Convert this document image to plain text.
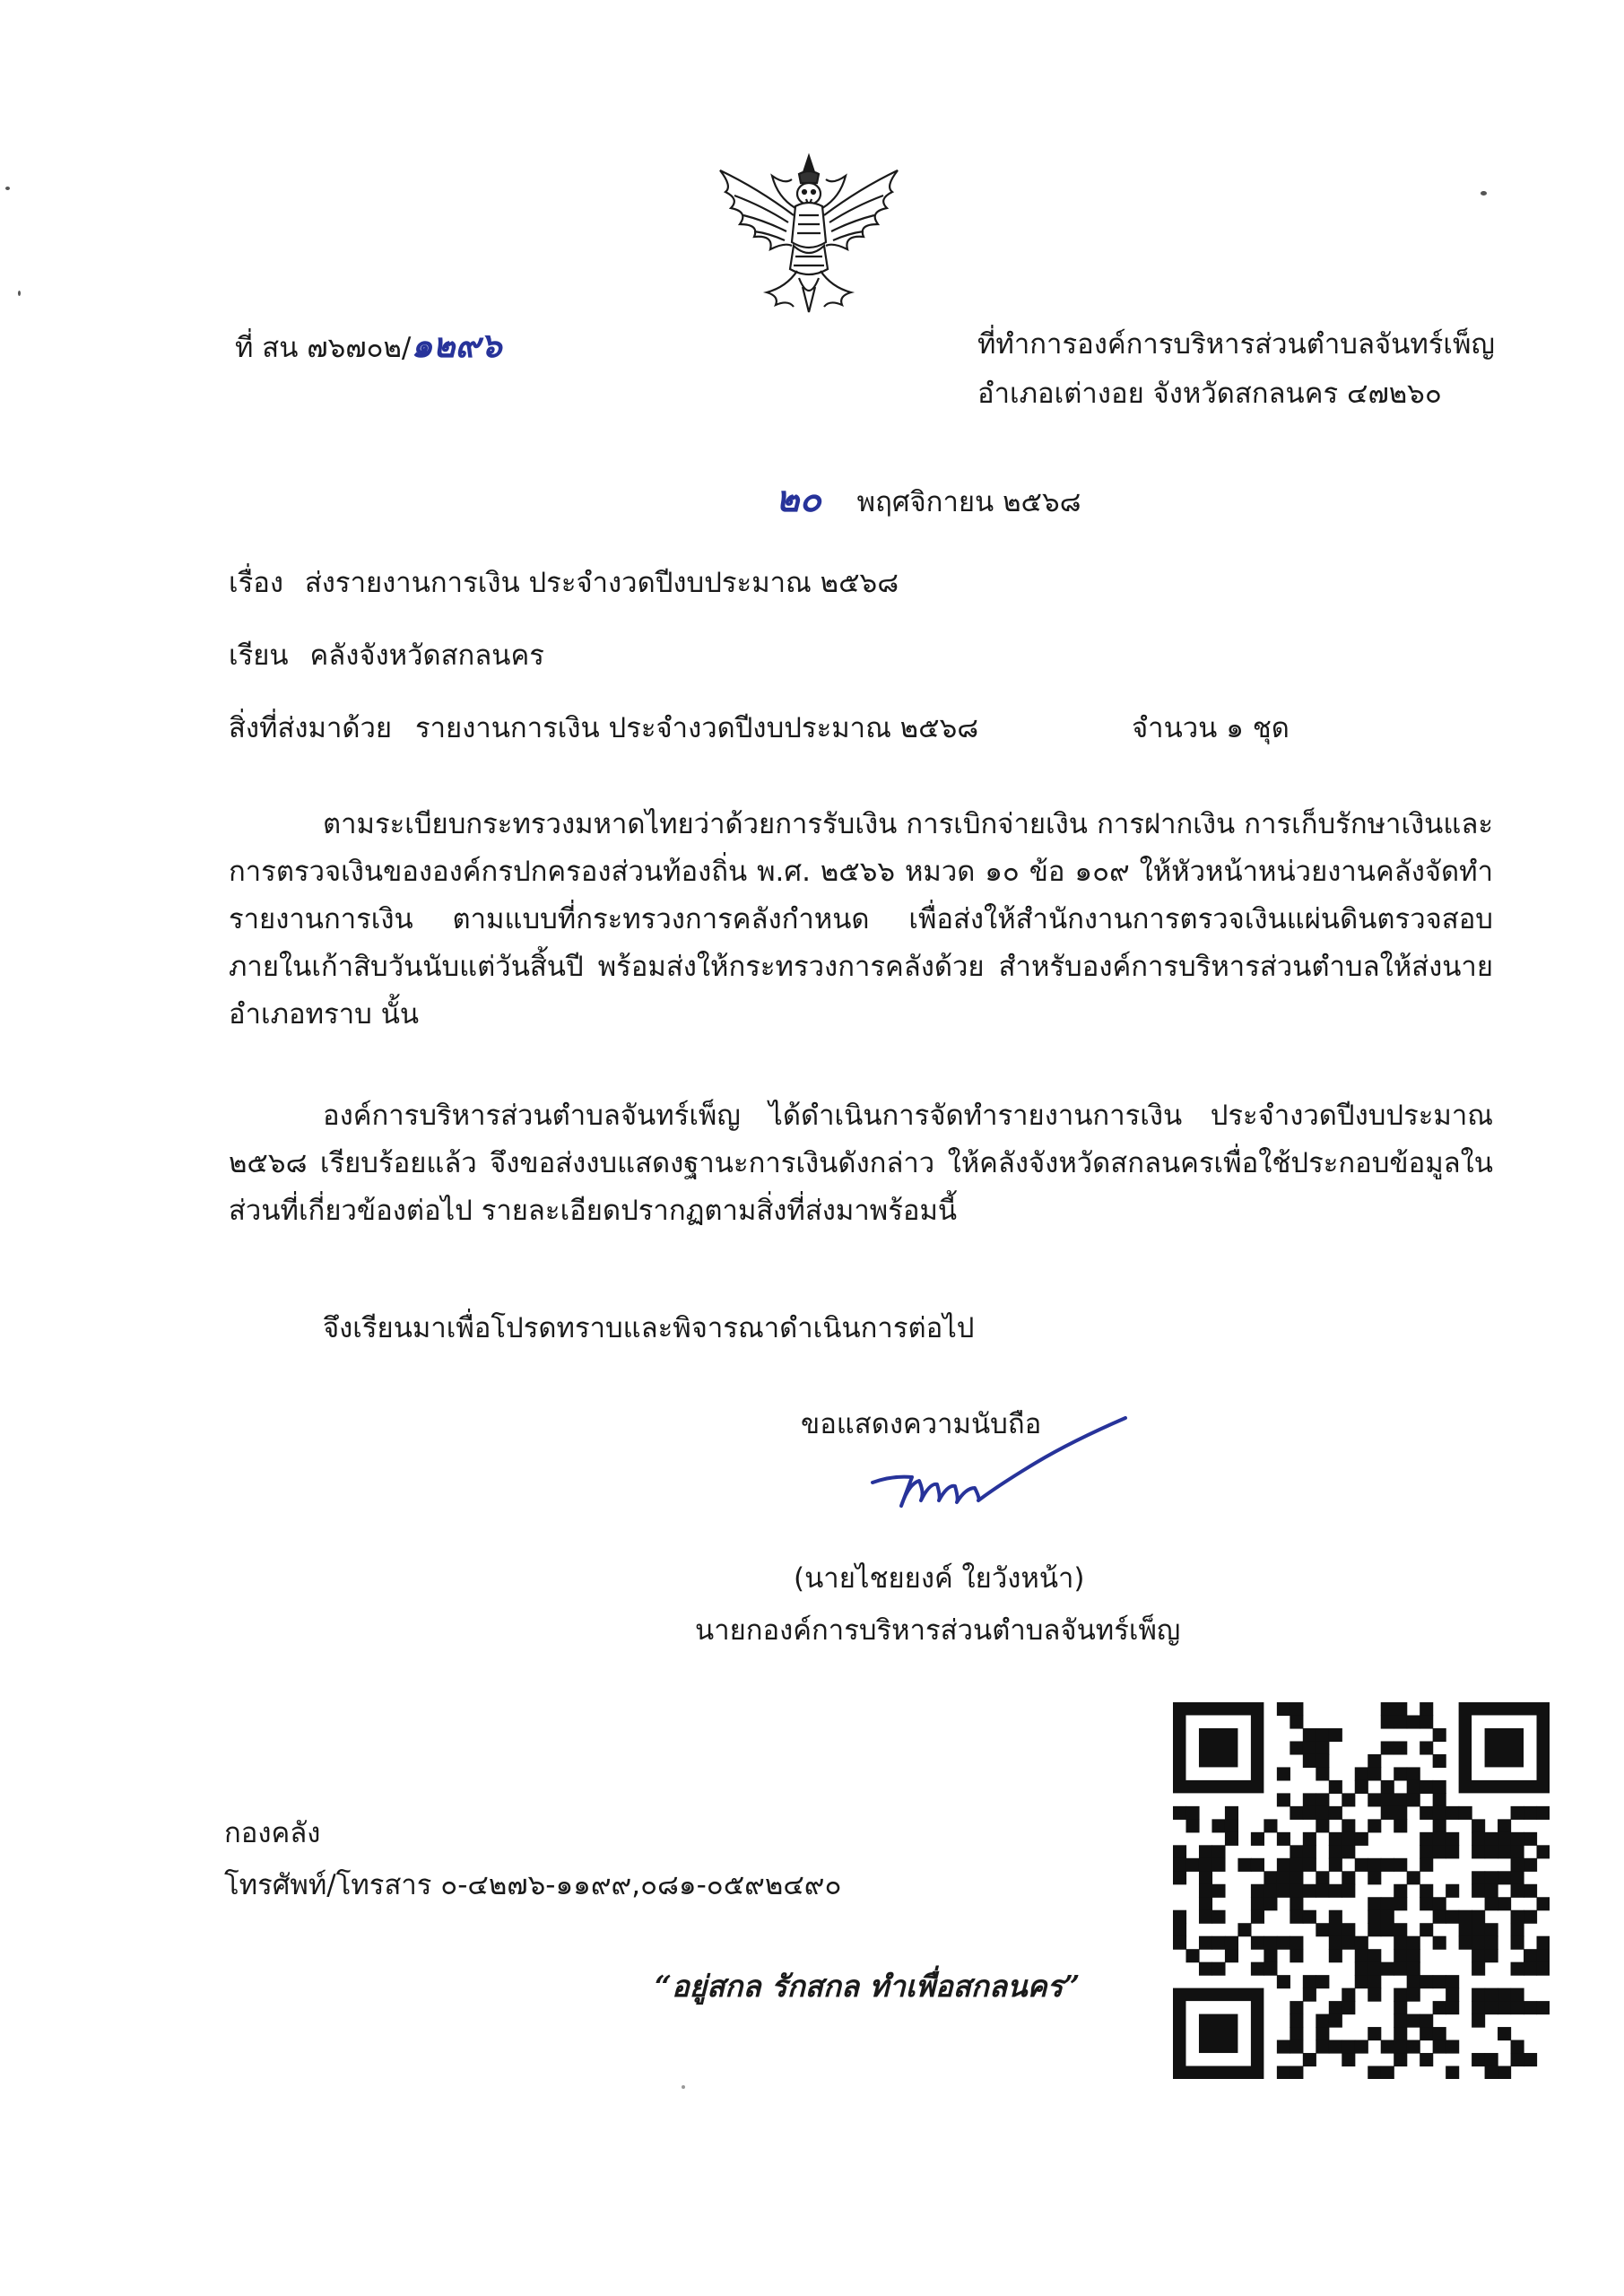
ที่ สน ๗๖๗๐๒/๑๒๙๖	ที่ทำการองค์การบริหารส่วนตำบลจันทร์เพ็ญ
อำเภอเต่างอย จังหวัดสกลนคร ๔๗๒๖๐
๒๐ พฤศจิกายน ๒๕๖๘
เรื่อง ส่งรายงานการเงิน ประจำงวดปีงบประมาณ ๒๕๖๘
เรียน คลังจังหวัดสกลนคร
สิ่งที่ส่งมาด้วย รายงานการเงิน ประจำงวดปีงบประมาณ ๒๕๖๘	จำนวน ๑ ชุด
ตามระเบียบกระทรวงมหาดไทยว่าด้วยการรับเงิน การเบิกจ่ายเงิน การฝากเงิน การเก็บรักษาเงินและการตรวจเงินขององค์กรปกครองส่วนท้องถิ่น พ.ศ. ๒๕๖๖ หมวด ๑๐ ข้อ ๑๐๙ ให้หัวหน้าหน่วยงานคลังจัดทำรายงานการเงิน ตามแบบที่กระทรวงการคลังกำหนด เพื่อส่งให้สำนักงานการตรวจเงินแผ่นดินตรวจสอบภายในเก้าสิบวันนับแต่วันสิ้นปี พร้อมส่งให้กระทรวงการคลังด้วย สำหรับองค์การบริหารส่วนตำบลให้ส่งนายอำเภอทราบ นั้น
องค์การบริหารส่วนตำบลจันทร์เพ็ญ ได้ดำเนินการจัดทำรายงานการเงิน ประจำงวดปีงบประมาณ ๒๕๖๘ เรียบร้อยแล้ว จึงขอส่งงบแสดงฐานะการเงินดังกล่าว ให้คลังจังหวัดสกลนครเพื่อใช้ประกอบข้อมูลในส่วนที่เกี่ยวข้องต่อไป รายละเอียดปรากฏตามสิ่งที่ส่งมาพร้อมนี้
จึงเรียนมาเพื่อโปรดทราบและพิจารณาดำเนินการต่อไป
ขอแสดงความนับถือ
(นายไชยยงค์ ใยวังหน้า)
นายกองค์การบริหารส่วนตำบลจันทร์เพ็ญ
กองคลัง
โทรศัพท์/โทรสาร ๐-๔๒๗๖-๑๑๙๙,๐๘๑-๐๕๙๒๔๙๐
“อยู่สกล รักสกล ทำเพื่อสกลนคร”
